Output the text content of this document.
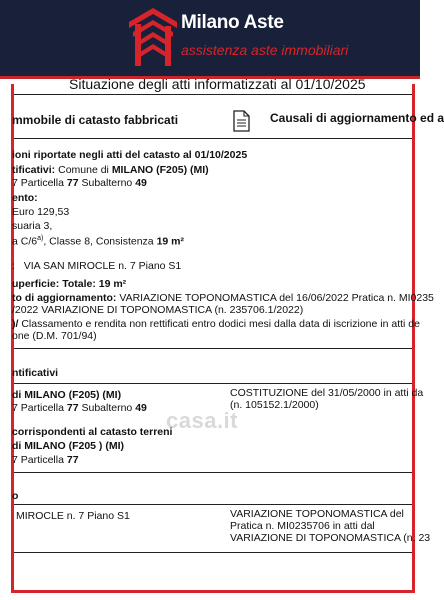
Milano Aste
assistenza aste immobiliari
Situazione degli atti informatizzati al 01/10/2025
mmobile di catasto fabbricati	Causali di aggiornamento ed a
ioni riportate negli atti del catasto al 01/10/2025
tificativi: Comune di MILANO (F205) (MI)
7 Particella 77 Subalterno 49
ento:
Euro 129,53
suaria 3,
a C/6$^{a)}$, Classe 8, Consistenza 19 m²
: VIA SAN MIROCLE n. 7 Piano S1
uperficie: Totale: 19 m²
to di aggiornamento: VARIAZIONE TOPONOMASTICA del 16/06/2022 Pratica n. MI0235
/2022 VARIAZIONE DI TOPONOMASTICA (n. 235706.1/2022)
)/ Classamento e rendita non rettificati entro dodici mesi dalla data di iscrizione in atti de
one (D.M. 701/94)
ntificativi
di MILANO (F205) (MI)
7 Particella 77 Subalterno 49
COSTITUZIONE del 31/05/2000 in atti da
(n. 105152.1/2000)
casa.it
corrispondenti al catasto terreni
di MILANO (F205 ) (MI)
7 Particella 77
o
MIROCLE n. 7 Piano S1	VARIAZIONE TOPONOMASTICA del
Pratica n. MI0235706 in atti dal
VARIAZIONE DI TOPONOMASTICA (n. 23
